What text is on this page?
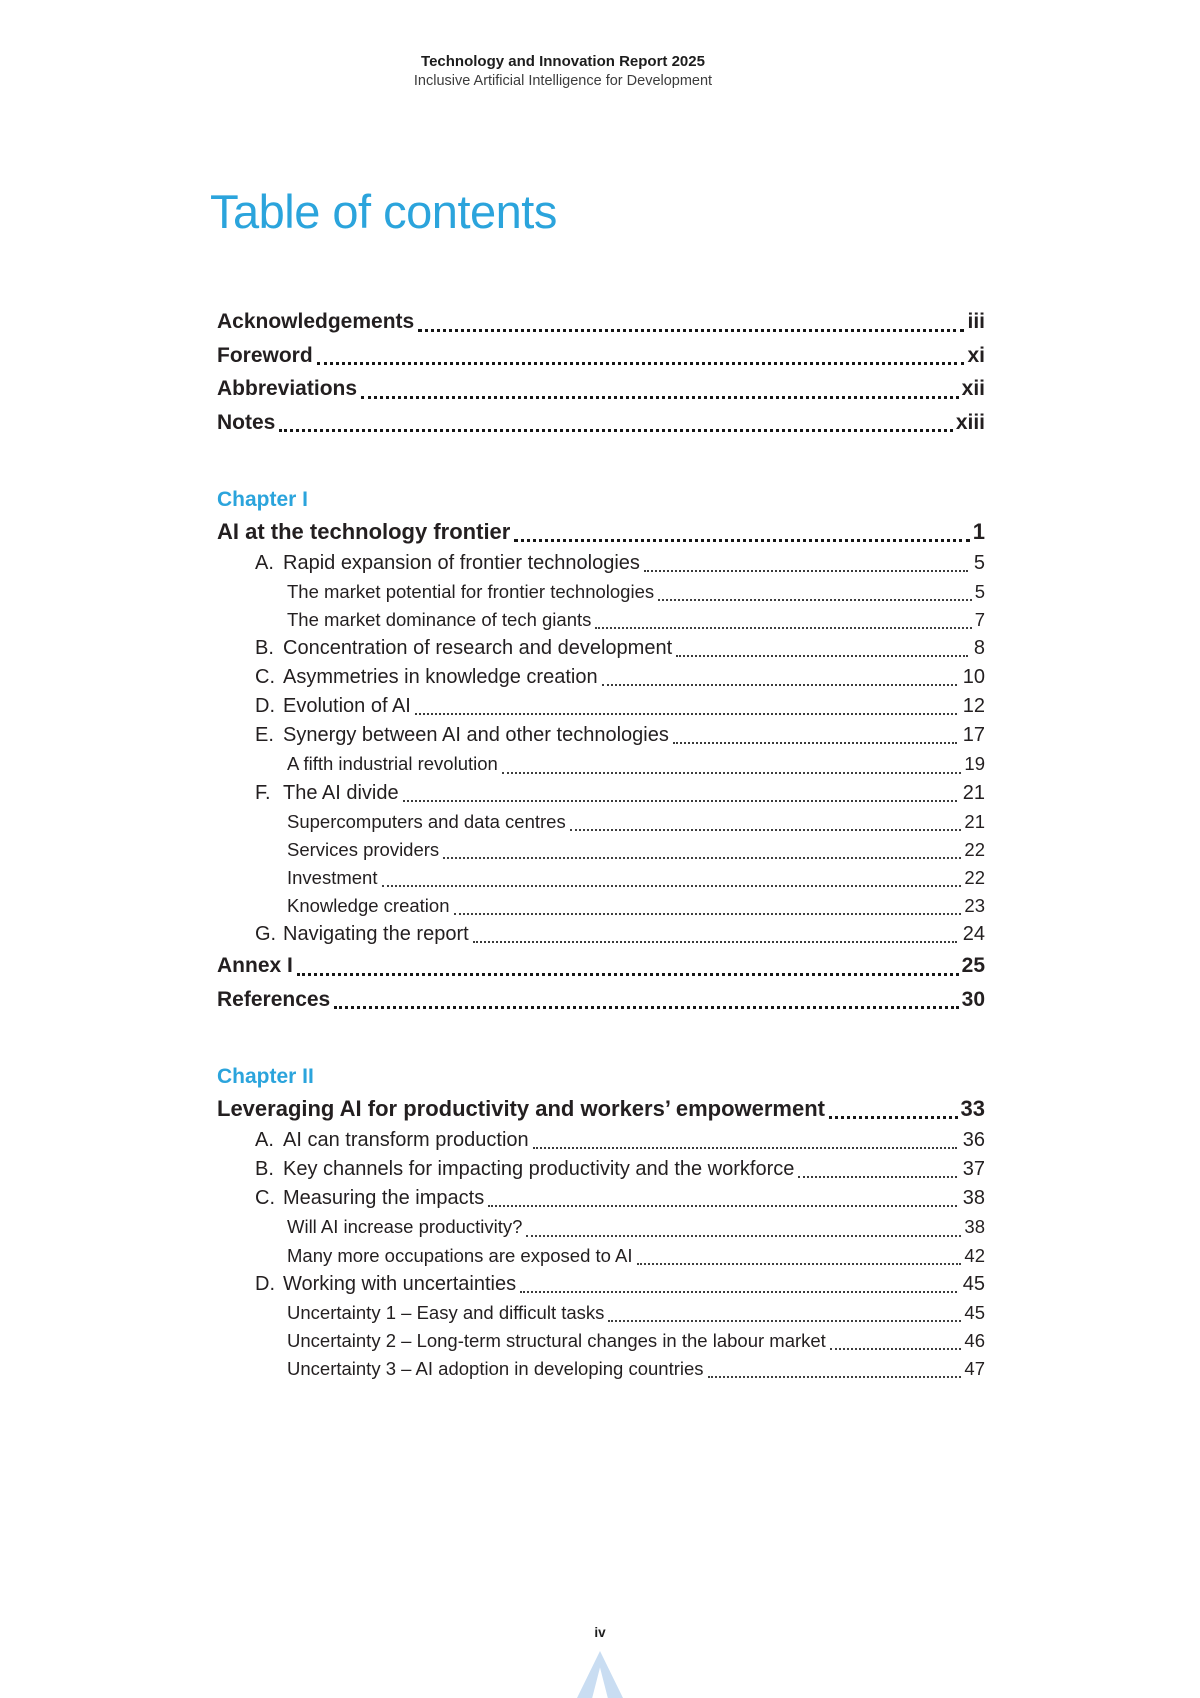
Technology and Innovation Report 2025
Inclusive Artificial Intelligence for Development
Table of contents
Acknowledgements	iii
Foreword	xi
Abbreviations	xii
Notes	xiii
Chapter I
AI at the technology frontier	1
A. Rapid expansion of frontier technologies	5
The market potential for frontier technologies	5
The market dominance of tech giants	7
B. Concentration of research and development	8
C. Asymmetries in knowledge creation	10
D. Evolution of AI	12
E. Synergy between AI and other technologies	17
A fifth industrial revolution	19
F. The AI divide	21
Supercomputers and data centres	21
Services providers	22
Investment	22
Knowledge creation	23
G. Navigating the report	24
Annex I	25
References	30
Chapter II
Leveraging AI for productivity and workers’ empowerment	33
A. AI can transform production	36
B. Key channels for impacting productivity and the workforce	37
C. Measuring the impacts	38
Will AI increase productivity?	38
Many more occupations are exposed to AI	42
D. Working with uncertainties	45
Uncertainty 1 – Easy and difficult tasks	45
Uncertainty 2 – Long-term structural changes in the labour market	46
Uncertainty 3 – AI adoption in developing countries	47
iv
